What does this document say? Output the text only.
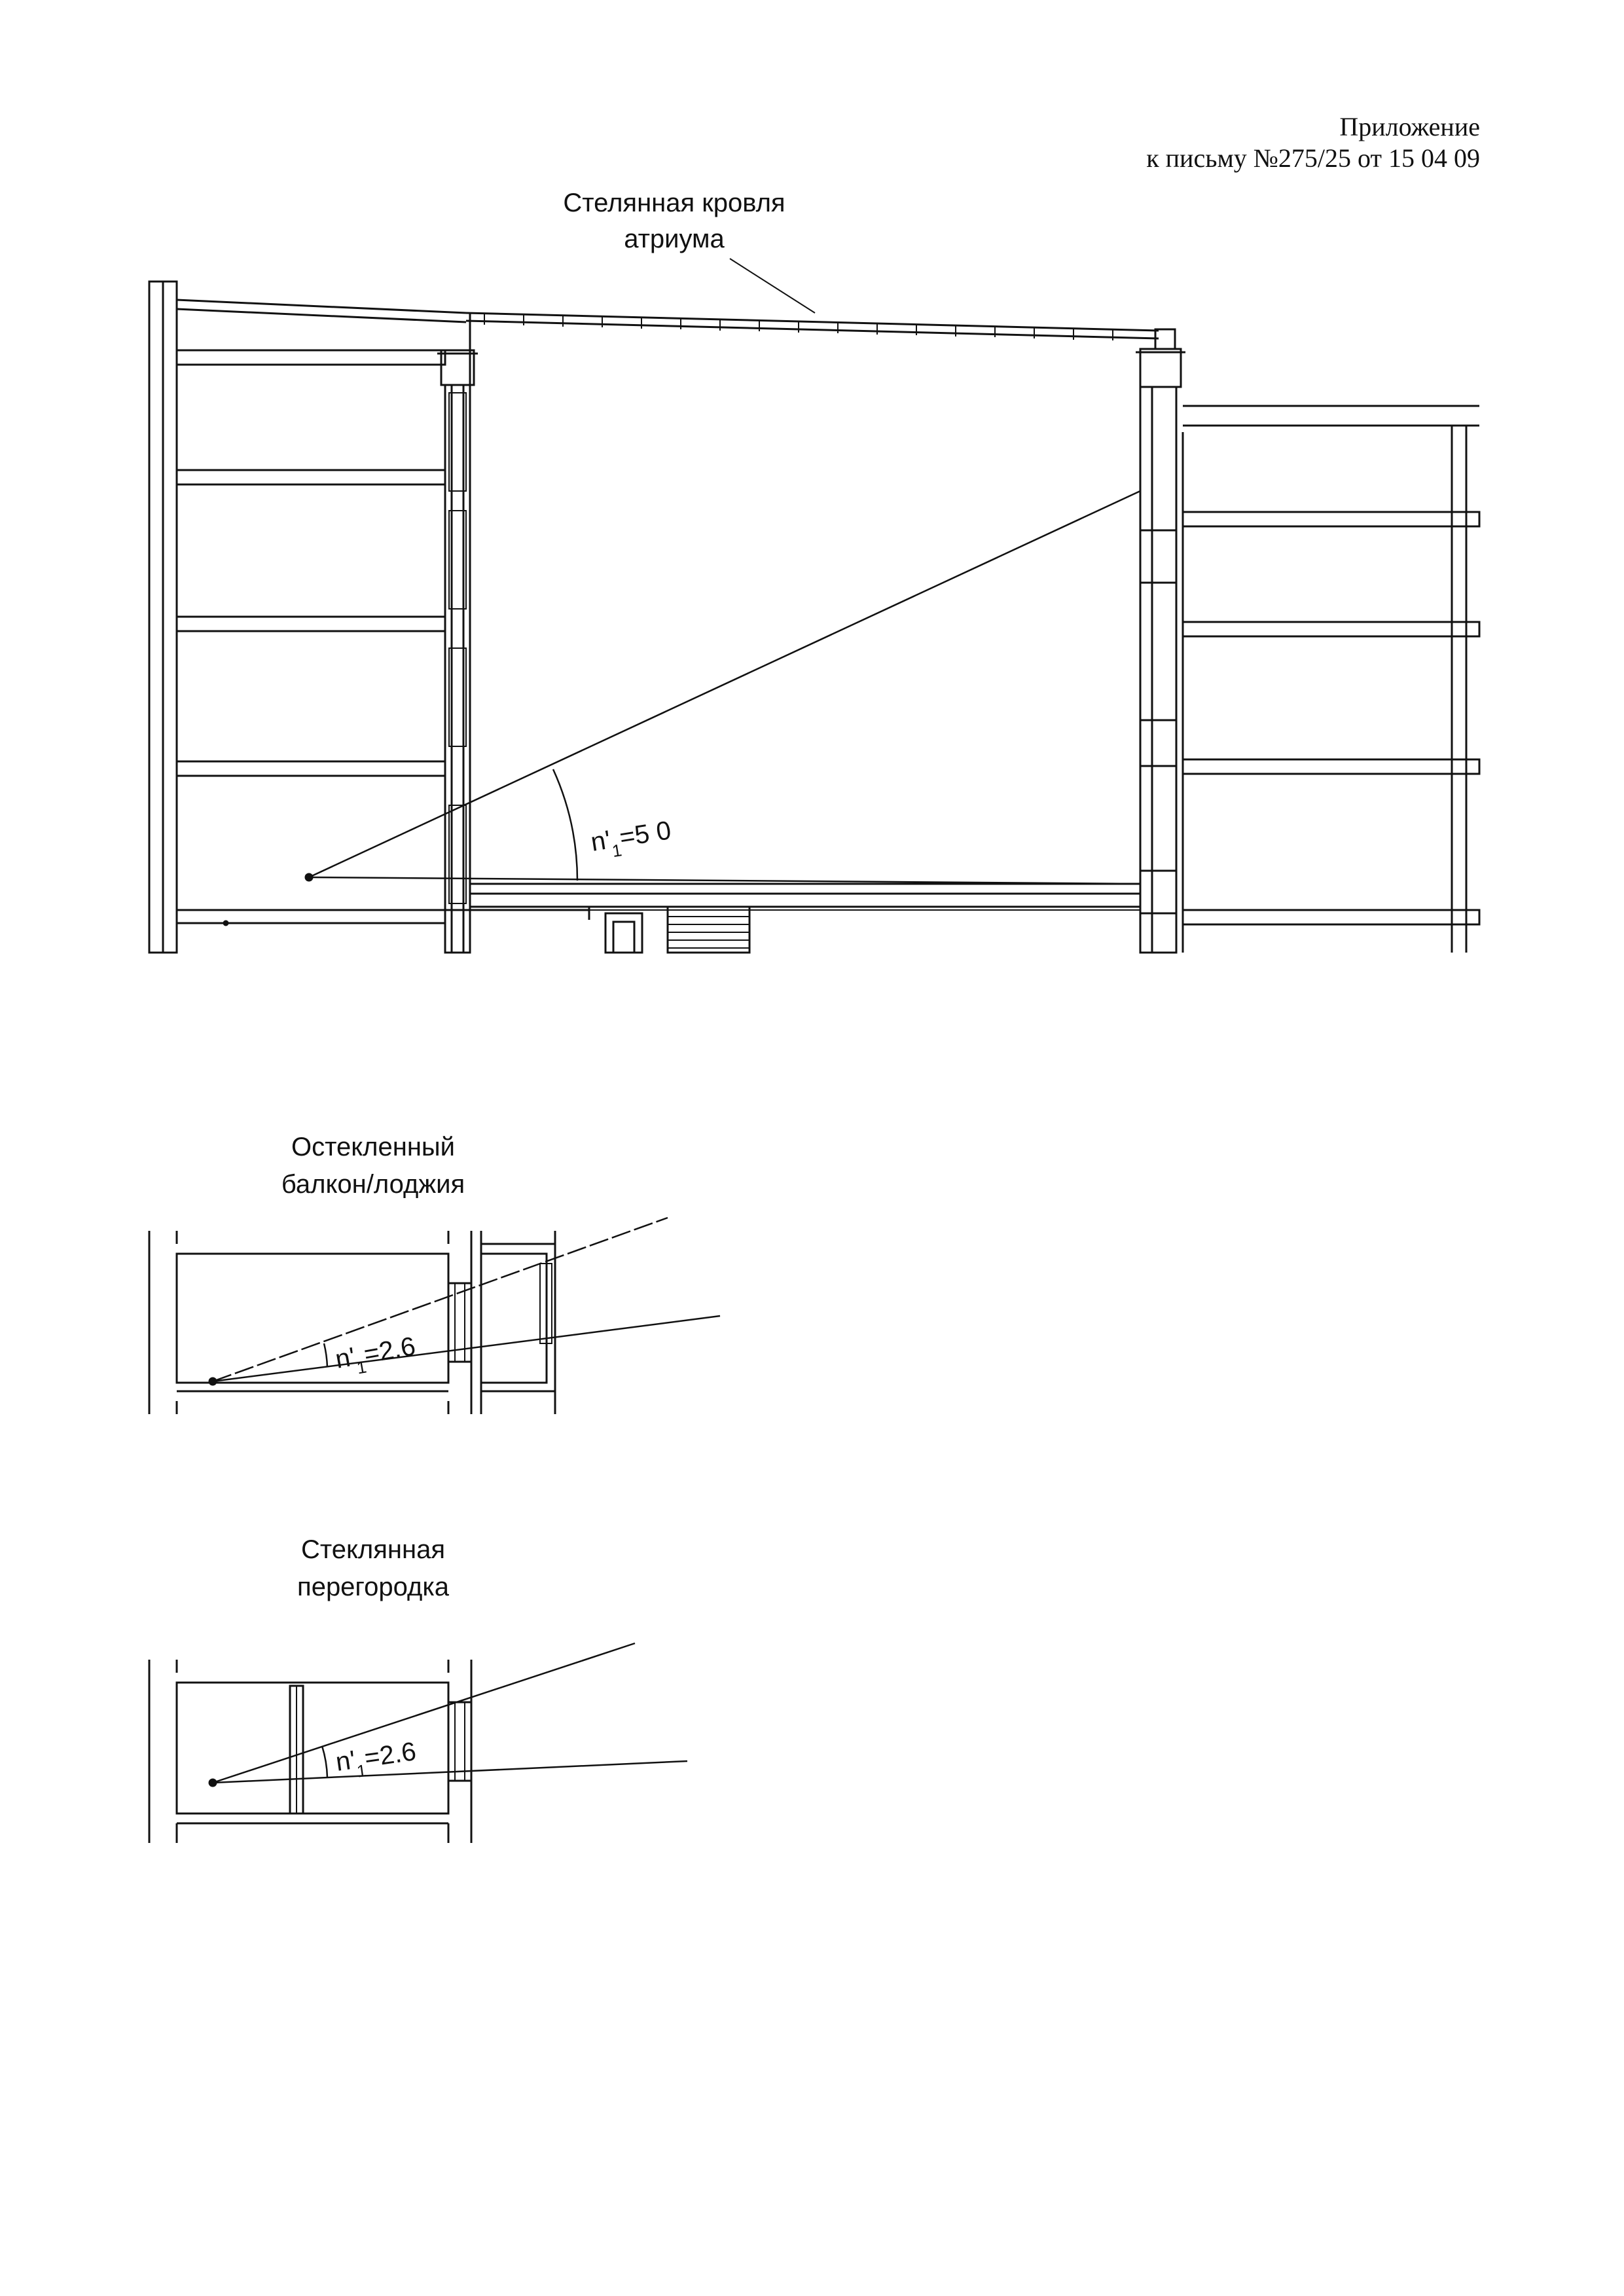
Приложение
к письму №275/25 от 15 04 09
Стелянная кровля
атриума
$n'_1=5$ 0
Остекленный
балкон/лоджия
$n'_1=2.6$
Стеклянная
перегородка
$n'_1=2.6$
